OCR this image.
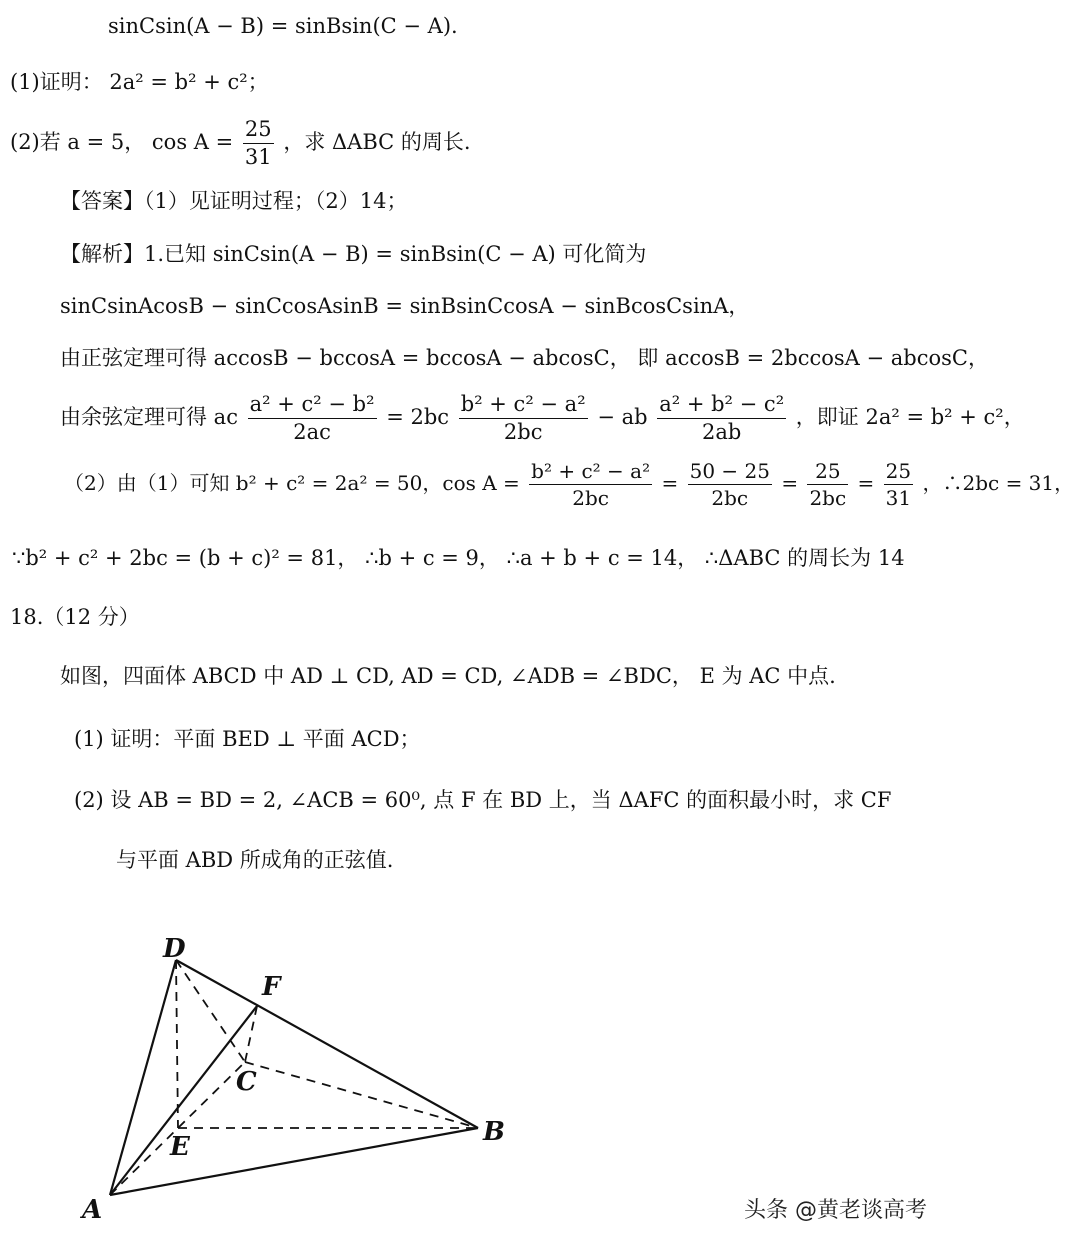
sinCsin(A − B) = sinBsin(C − A).
(1)证明： 2a² = b² + c²；
(2)若 a = 5， $\cos A = \frac{25}{31}$ ，求 ΔABC 的周长.
【答案】（1）见证明过程；（2）14；
【解析】1.已知 sinCsin(A − B) = sinBsin(C − A) 可化简为
sinCsinAcosB − sinCcosAsinB = sinBsinCcosA − sinBcosCsinA，
由正弦定理可得 accosB − bccosA = bccosA − abcosC， 即 accosB = 2bccosA − abcosC，
由余弦定理可得 ac $\frac{\text{a² + c² − b²}}{2ac} = 2bc \frac{\text{b² + c² − a²}}{2bc}$ − ab $\frac{\text{a² + b² − c²}}{2ab}$ ，即证 2a² = b² + c²，
（2）由（1）可知 b² + c² = 2a² = 50，$\cos A = \frac{\text{b² + c² − a²}}{2bc} = \frac{50 - 25}{2bc} = \frac{25}{2bc} = \frac{25}{31}$ ，∴2bc = 31，
∵b² + c² + 2bc = (b + c)² = 81， ∴b + c = 9， ∴a + b + c = 14， ∴ΔABC 的周长为 14
18.（12 分）
如图，四面体 ABCD 中 AD ⊥ CD, AD = CD, ∠ADB = ∠BDC， E 为 AC 中点.
(1) 证明：平面 BED ⊥ 平面 ACD；
(2) 设 AB = BD = 2, ∠ACB = 60⁰, 点 F 在 BD 上，当 ΔAFC 的面积最小时，求 CF
与平面 ABD 所成角的正弦值.
D
F
C
E	B
A	头条 @黄老谈高考
